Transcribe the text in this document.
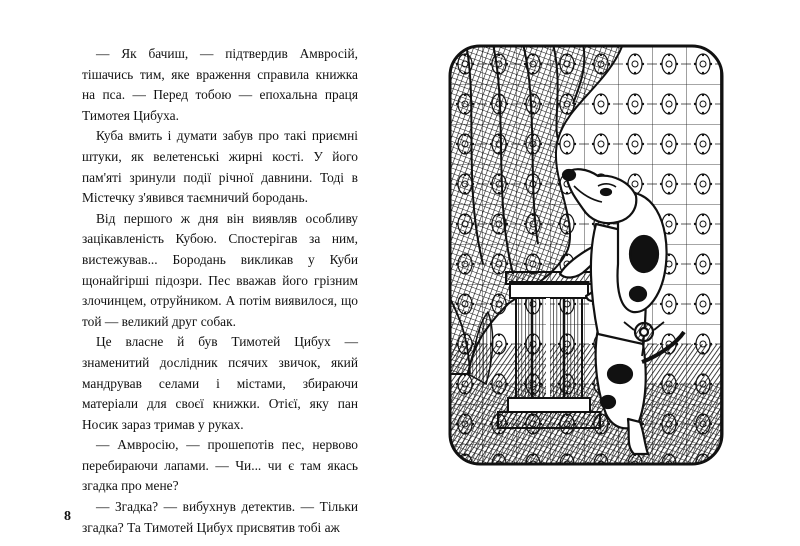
— Як бачиш, — підтвердив Амвросій, тішачись тим, яке враження справила книжка на пса. — Перед тобою — епохальна праця Тимотея Цибуха.

Куба вмить і думати забув про такі приємні штуки, як велетенські жирні кості. У його пам'яті зринули події річної давнини. Тоді в Містечку з'явився таємничий бородань.

Від першого ж дня він виявляв особливу зацікавленість Кубою. Спостерігав за ним, вистежував... Бородань викликав у Куби щонайгірші підозри. Пес вважав його грізним злочинцем, отруйником. А потім виявилося, що той — великий друг собак.

Це власне й був Тимотей Цибух — знаменитий дослідник псячих звичок, який мандрував селами і містами, збираючи матеріали для своєї книжки. Отієї, яку пан Носик зараз тримав у руках.

— Амвросію, — прошепотів пес, нервово перебираючи лапами. — Чи... чи є там якась згадка про мене?

— Згадка? — вибухнув детектив. — Тільки згадка? Та Тимотей Цибух присвятив тобі аж

8
